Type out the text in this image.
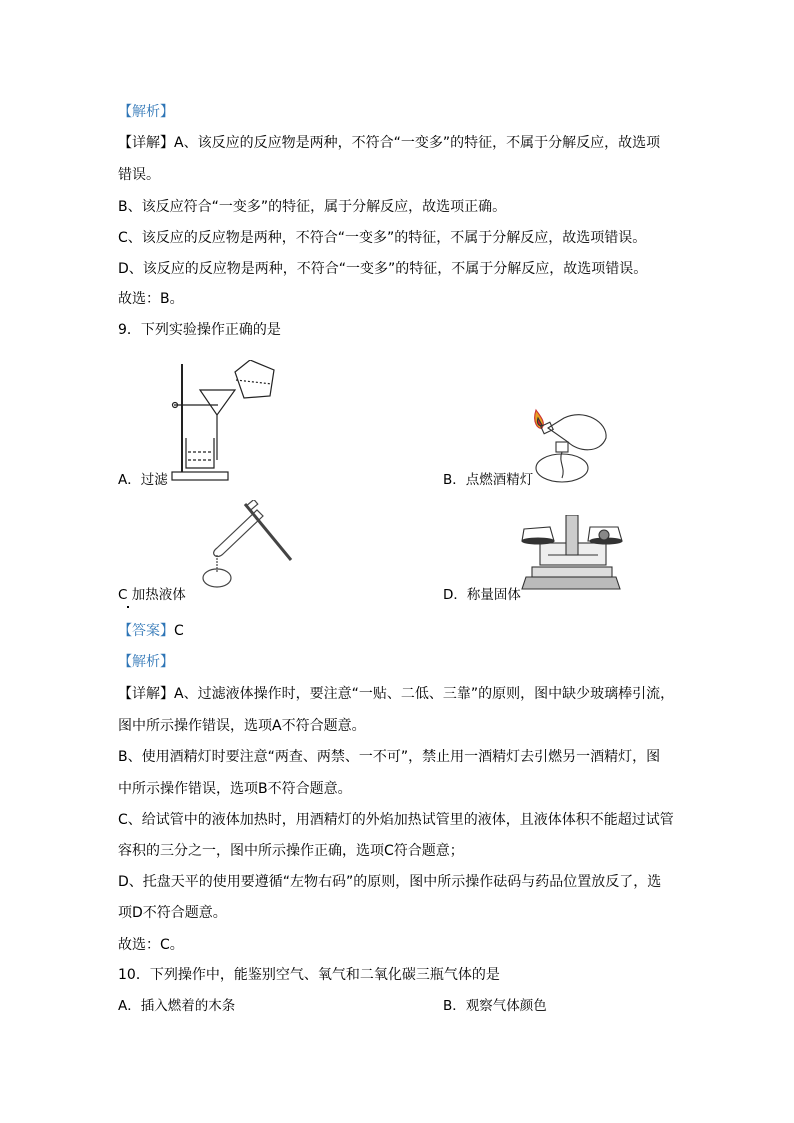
【解析】
【详解】A、该反应的反应物是两种，不符合“一变多”的特征，不属于分解反应，故选项
错误。
B、该反应符合“一变多”的特征，属于分解反应，故选项正确。
C、该反应的反应物是两种，不符合“一变多”的特征，不属于分解反应，故选项错误。
D、该反应的反应物是两种，不符合“一变多”的特征，不属于分解反应，故选项错误。
故选：B。
9．下列实验操作正确的是
A．过滤	B．点燃酒精灯
C 加热液体	D．称量固体
【答案】C
【解析】
【详解】A、过滤液体操作时，要注意“一贴、二低、三靠”的原则，图中缺少玻璃棒引流，
图中所示操作错误，选项A不符合题意。
B、使用酒精灯时要注意“两查、两禁、一不可”，禁止用一酒精灯去引燃另一酒精灯，图
中所示操作错误，选项B不符合题意。
C、给试管中的液体加热时，用酒精灯的外焰加热试管里的液体，且液体体积不能超过试管
容积的三分之一，图中所示操作正确，选项C符合题意；
D、托盘天平的使用要遵循“左物右码”的原则，图中所示操作砝码与药品位置放反了，选
项D不符合题意。
故选：C。
10．下列操作中，能鉴别空气、氧气和二氧化碳三瓶气体的是
A．插入燃着的木条	B．观察气体颜色
